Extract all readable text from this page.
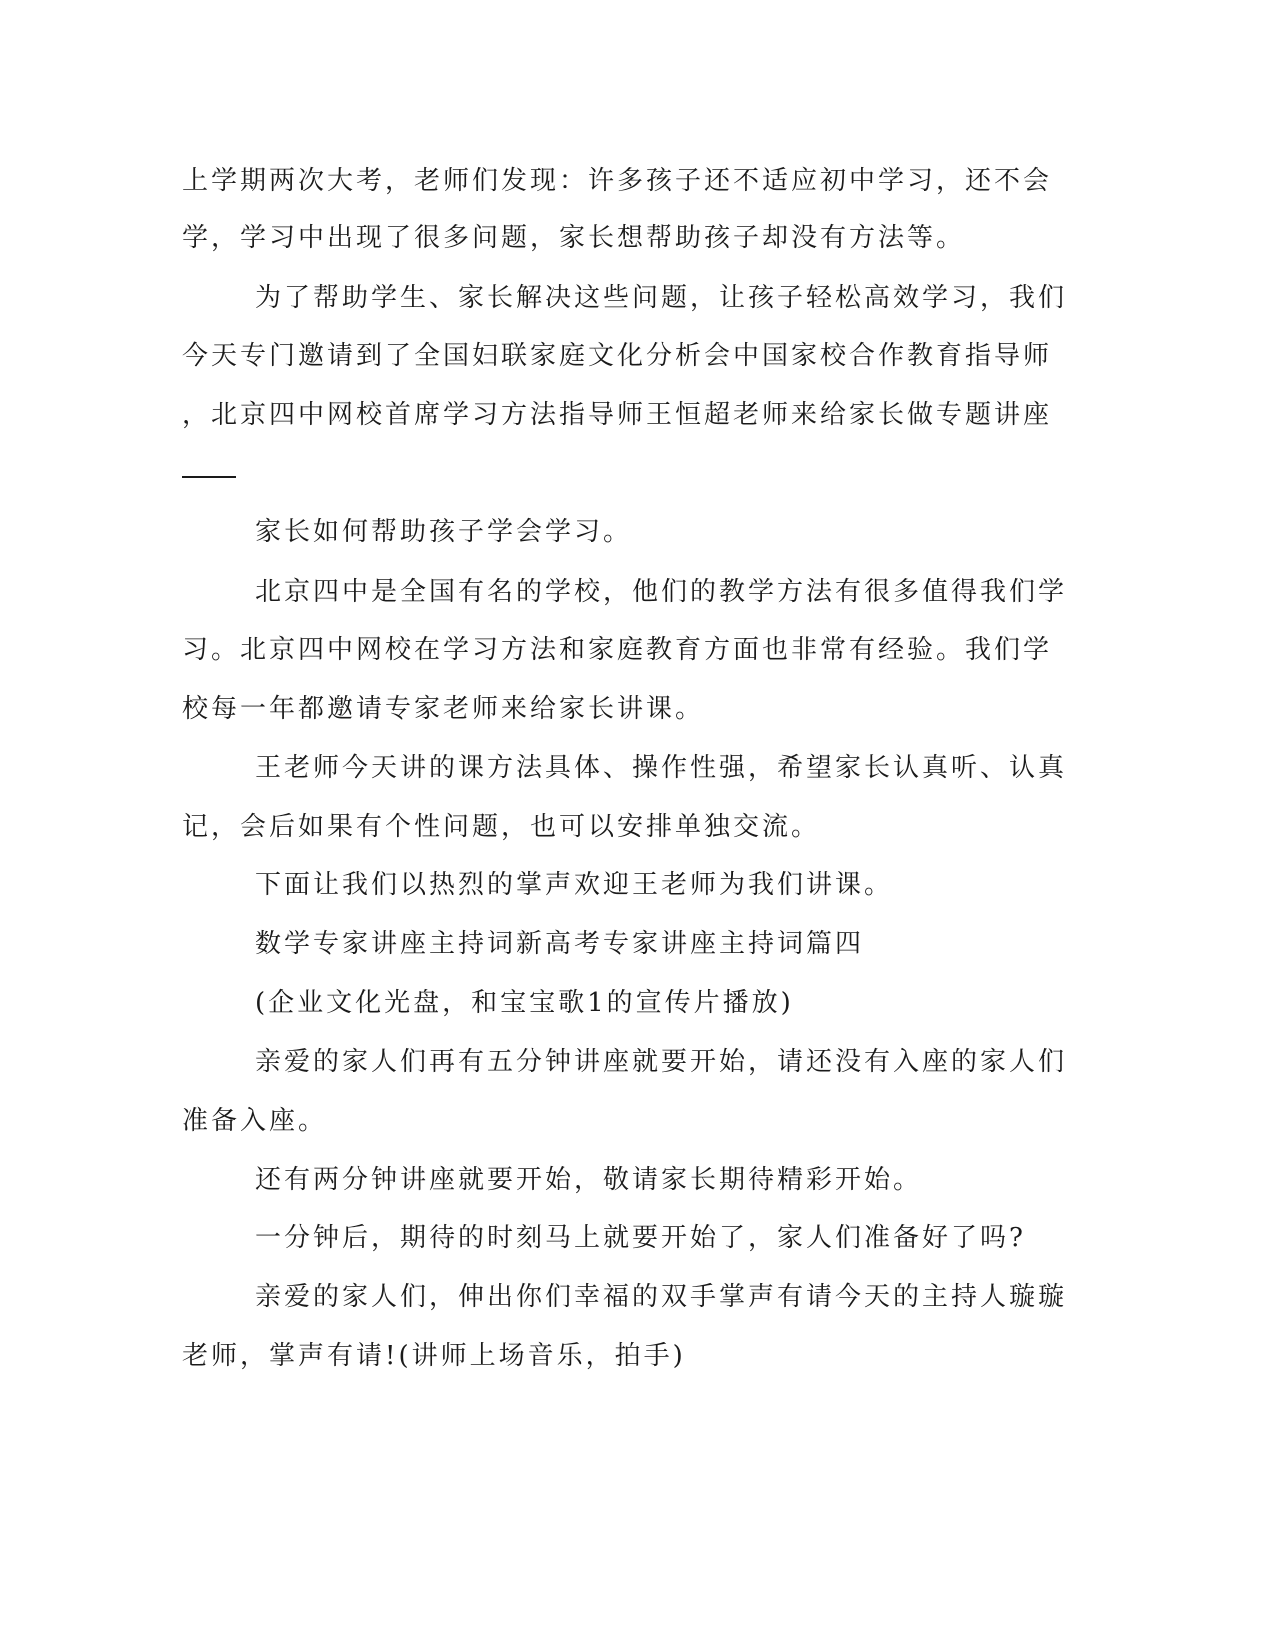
上学期两次大考，老师们发现：许多孩子还不适应初中学习，还不会
学，学习中出现了很多问题，家长想帮助孩子却没有方法等。
为了帮助学生、家长解决这些问题，让孩子轻松高效学习，我们
今天专门邀请到了全国妇联家庭文化分析会中国家校合作教育指导师
，北京四中网校首席学习方法指导师王恒超老师来给家长做专题讲座
家长如何帮助孩子学会学习。
北京四中是全国有名的学校，他们的教学方法有很多值得我们学
习。北京四中网校在学习方法和家庭教育方面也非常有经验。我们学
校每一年都邀请专家老师来给家长讲课。
王老师今天讲的课方法具体、操作性强，希望家长认真听、认真
记，会后如果有个性问题，也可以安排单独交流。
下面让我们以热烈的掌声欢迎王老师为我们讲课。
数学专家讲座主持词新高考专家讲座主持词篇四
(企业文化光盘，和宝宝歌1的宣传片播放)
亲爱的家人们再有五分钟讲座就要开始，请还没有入座的家人们
准备入座。
还有两分钟讲座就要开始，敬请家长期待精彩开始。
一分钟后，期待的时刻马上就要开始了，家人们准备好了吗?
亲爱的家人们，伸出你们幸福的双手掌声有请今天的主持人璇璇
老师，掌声有请!(讲师上场音乐，拍手)
